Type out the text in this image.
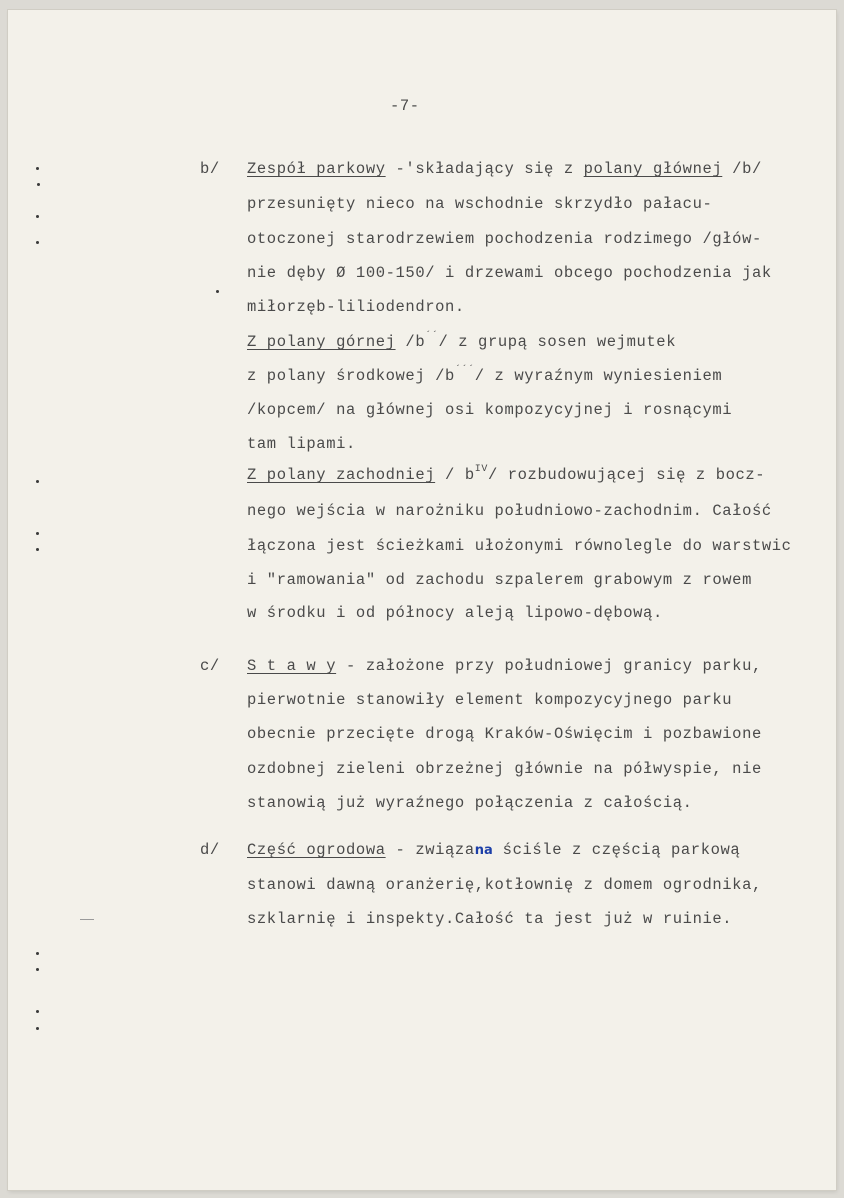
-7-
b/ Zespół parkowy -'składający się z polany głównej /b/
przesunięty nieco na wschodnie skrzydło pałacu-
otoczonej starodrzewiem pochodzenia rodzimego /głów-
nie dęby Ø 100-150/ i drzewami obcego pochodzenia jak
miłorzęb-liliodendron.
Z polany górnej /b´´/ z grupą sosen wejmutek
z polany środkowej /b´´´/ z wyraźnym wyniesieniem
/kopcem/ na głównej osi kompozycyjnej i rosnącymi
tam lipami.
Z polany zachodniej / $b^{IV}/$ rozbudowującej się z bocz-
nego wejścia w narożniku południowo-zachodnim. Całość
łączona jest ścieżkami ułożonymi równolegle do warstwic
i "ramowania" od zachodu szpalerem grabowym z rowem
w środku i od północy aleją lipowo-dębową.
c/ S t a w y - założone przy południowej granicy parku,
pierwotnie stanowiły element kompozycyjnego parku
obecnie przecięte drogą Kraków-Oświęcim i pozbawione
ozdobnej zieleni obrzeżnej głównie na półwyspie, nie
stanowią już wyraźnego połączenia z całością.
d/ Część ogrodowa - związana ściśle z częścią parkową
stanowi dawną oranżerię,kotłownię z domem ogrodnika,
szklarnię i inspekty.Całość ta jest już w ruinie.
